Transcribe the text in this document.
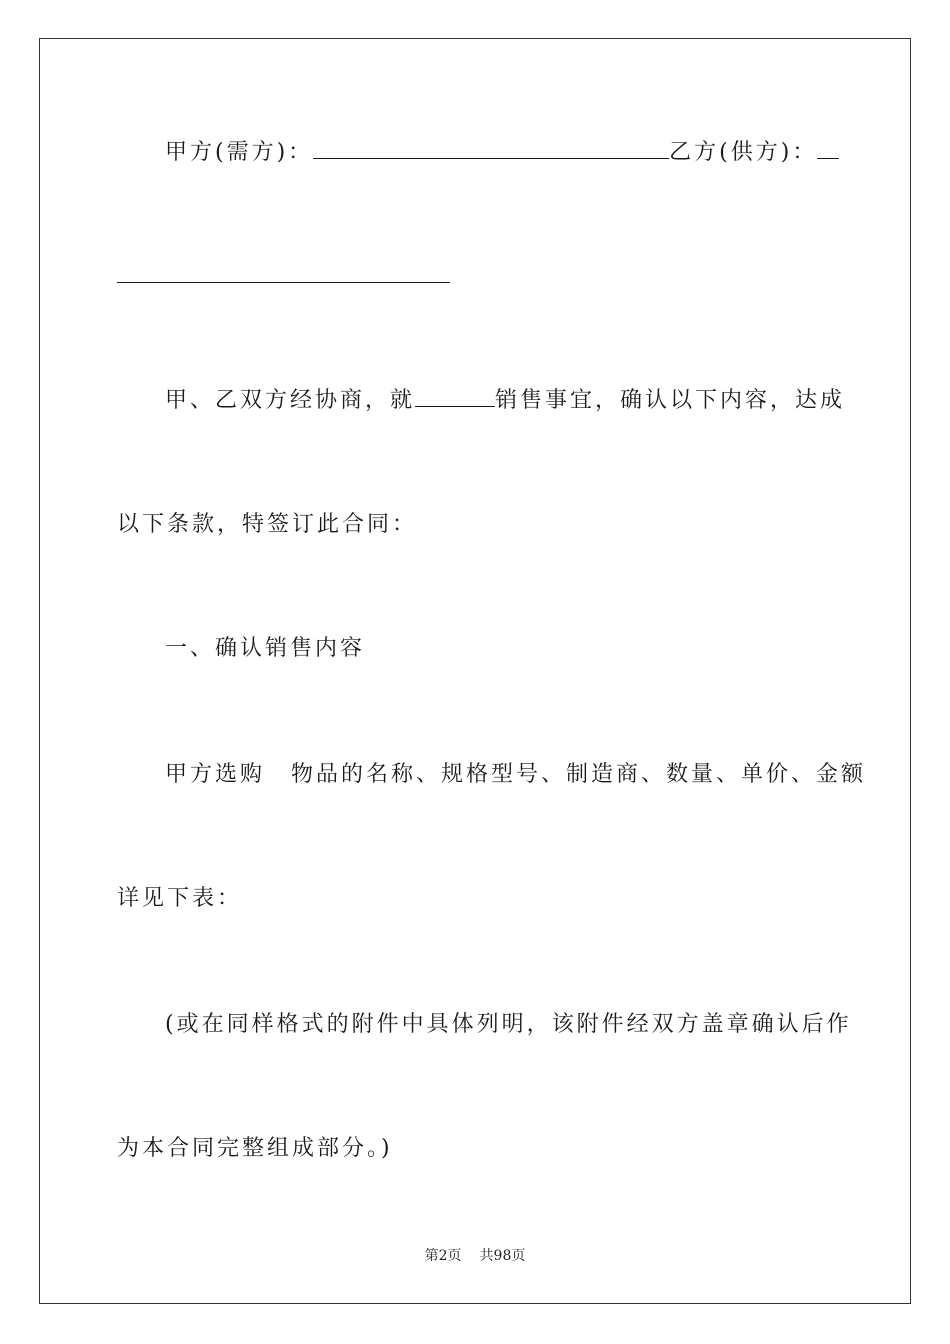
甲方(需方)：	乙方(供方)：
甲、乙双方经协商，就	销售事宜，确认以下内容，达成
以下条款，特签订此合同：
一、确认销售内容
甲方选购 物品的名称、规格型号、制造商、数量、单价、金额
详见下表：
(或在同样格式的附件中具体列明，该附件经双方盖章确认后作
为本合同完整组成部分。)
第2页 共98页
